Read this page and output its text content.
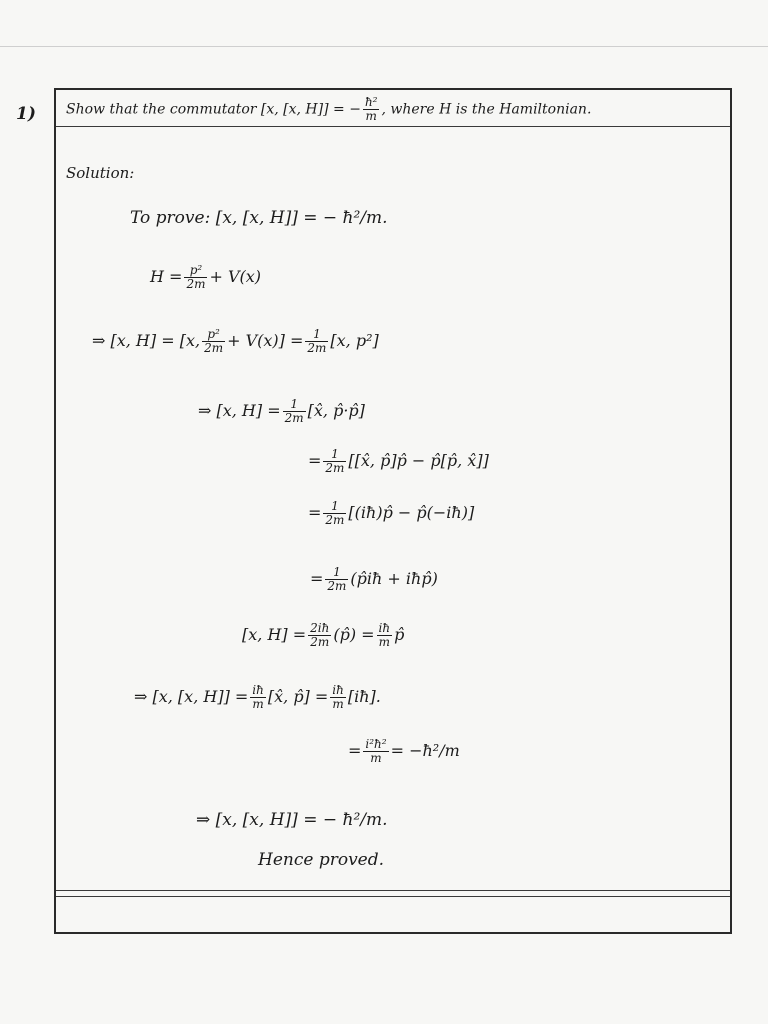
1) Show that the commutator [x, [x, H]] = − $\frac{\text{ħ²}}{m}$ , where H is the Hamiltonian.
Solution:
To prove: [x, [x, H]] = − ħ²/m.
$H = \frac{\text{p²}}{2m} + V(x)$
⇒ [x, H] = [x, $\frac{\text{p²}}{2m} + V(x)] = \frac{1}{2m} [x$, p²]
⇒ [x, $H] = \frac{1}{2m}$ [x̂, p̂·p̂]
= $\frac{1}{2m}$ [[x̂, p̂]p̂ − p̂[p̂, x̂]]
= $\frac{1}{2m}$ [(iħ)p̂ − p̂(−iħ)]
= $\frac{1}{2m}$ (p̂iħ + iħp̂)
[x, $H] = \frac{2iħ}{2m}$ (p̂) = $\frac{iħ}{m}$ p̂
⇒ [x, [x, $H]] = \frac{iħ}{m}$ [x̂, p̂] = $\frac{iħ}{m}$ [iħ].
= $\frac{\text{i²ħ²}}{m}$ = −ħ²/m
⇒ [x, [x, H]] = − ħ²/m.
Hence proved.
